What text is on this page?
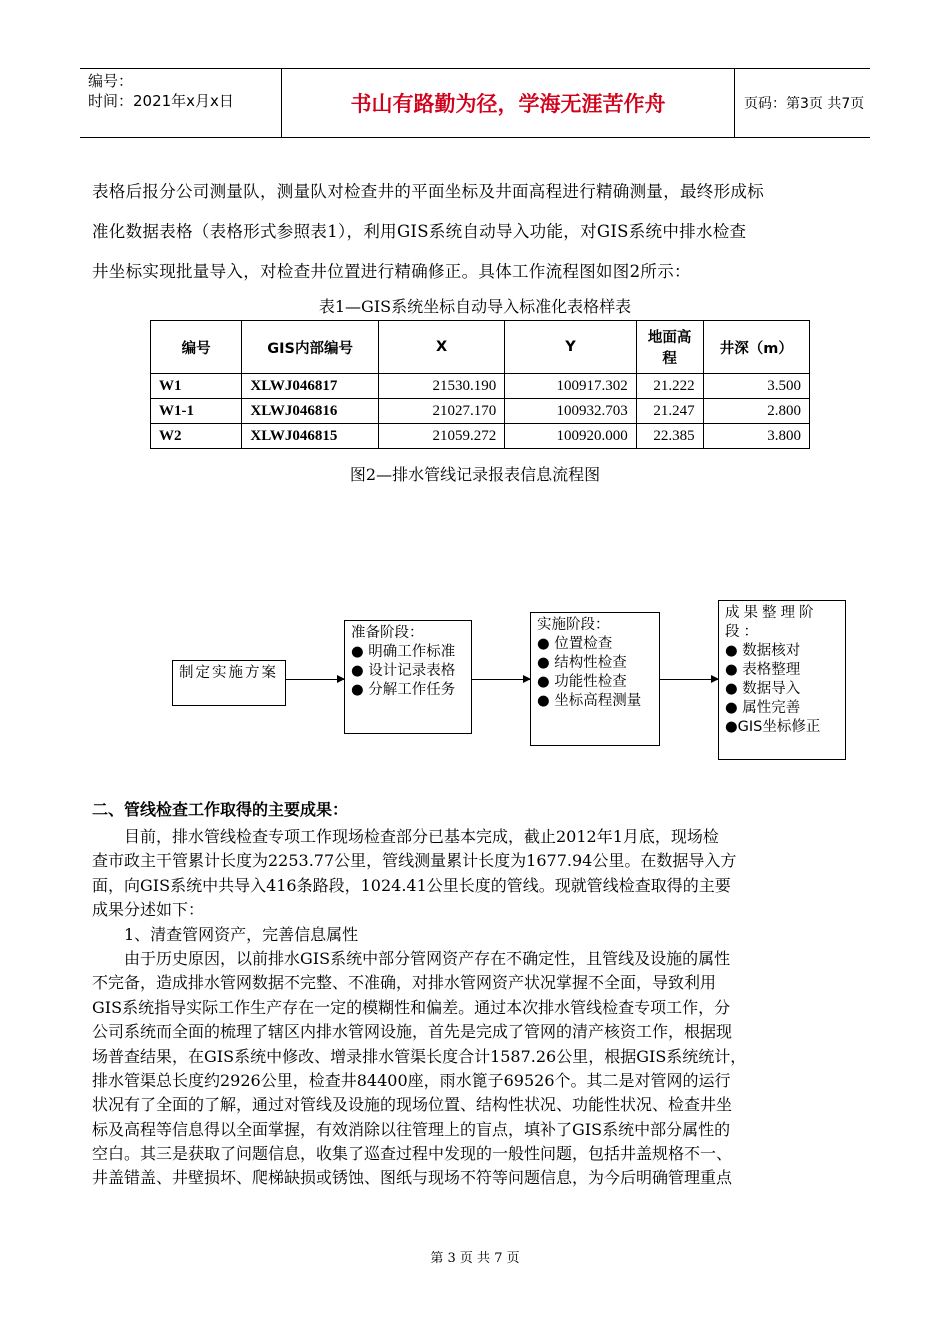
编号：
时间：2021年x月x日	书山有路勤为径，学海无涯苦作舟	页码：第3页 共7页
表格后报分公司测量队，测量队对检查井的平面坐标及井面高程进行精确测量，最终形成标
准化数据表格（表格形式参照表1），利用GIS系统自动导入功能，对GIS系统中排水检查
井坐标实现批量导入，对检查井位置进行精确修正。具体工作流程图如图2所示：
表1—GIS系统坐标自动导入标准化表格样表
编号	GIS内部编号	X	Y	地面高程	井深（m）
W1	XLWJ046817	21530.190	100917.302	21.222	3.500
W1-1	XLWJ046816	21027.170	100932.703	21.247	2.800
W2	XLWJ046815	21059.272	100920.000	22.385	3.800
图2—排水管线记录报表信息流程图
制定实施方案
准备阶段：
● 明确工作标准
● 设计记录表格
● 分解工作任务
实施阶段：
● 位置检查
● 结构性检查
● 功能性检查
● 坐标高程测量
成果整理阶段：
● 数据核对
● 表格整理
● 数据导入
● 属性完善
●GIS坐标修正
二、管线检查工作取得的主要成果：
　　目前，排水管线检查专项工作现场检查部分已基本完成，截止2012年1月底，现场检
查市政主干管累计长度为2253.77公里，管线测量累计长度为1677.94公里。在数据导入方
面，向GIS系统中共导入416条路段，1024.41公里长度的管线。现就管线检查取得的主要
成果分述如下：
　　1、清查管网资产，完善信息属性
　　由于历史原因，以前排水GIS系统中部分管网资产存在不确定性，且管线及设施的属性
不完备，造成排水管网数据不完整、不准确，对排水管网资产状况掌握不全面，导致利用
GIS系统指导实际工作生产存在一定的模糊性和偏差。通过本次排水管线检查专项工作，分
公司系统而全面的梳理了辖区内排水管网设施，首先是完成了管网的清产核资工作，根据现
场普查结果，在GIS系统中修改、增录排水管渠长度合计1587.26公里，根据GIS系统统计，
排水管渠总长度约2926公里，检查井84400座，雨水篦子69526个。其二是对管网的运行
状况有了全面的了解，通过对管线及设施的现场位置、结构性状况、功能性状况、检查井坐
标及高程等信息得以全面掌握，有效消除以往管理上的盲点，填补了GIS系统中部分属性的
空白。其三是获取了问题信息，收集了巡查过程中发现的一般性问题，包括井盖规格不一、
井盖错盖、井壁损坏、爬梯缺损或锈蚀、图纸与现场不符等问题信息，为今后明确管理重点
第 3 页 共 7 页
